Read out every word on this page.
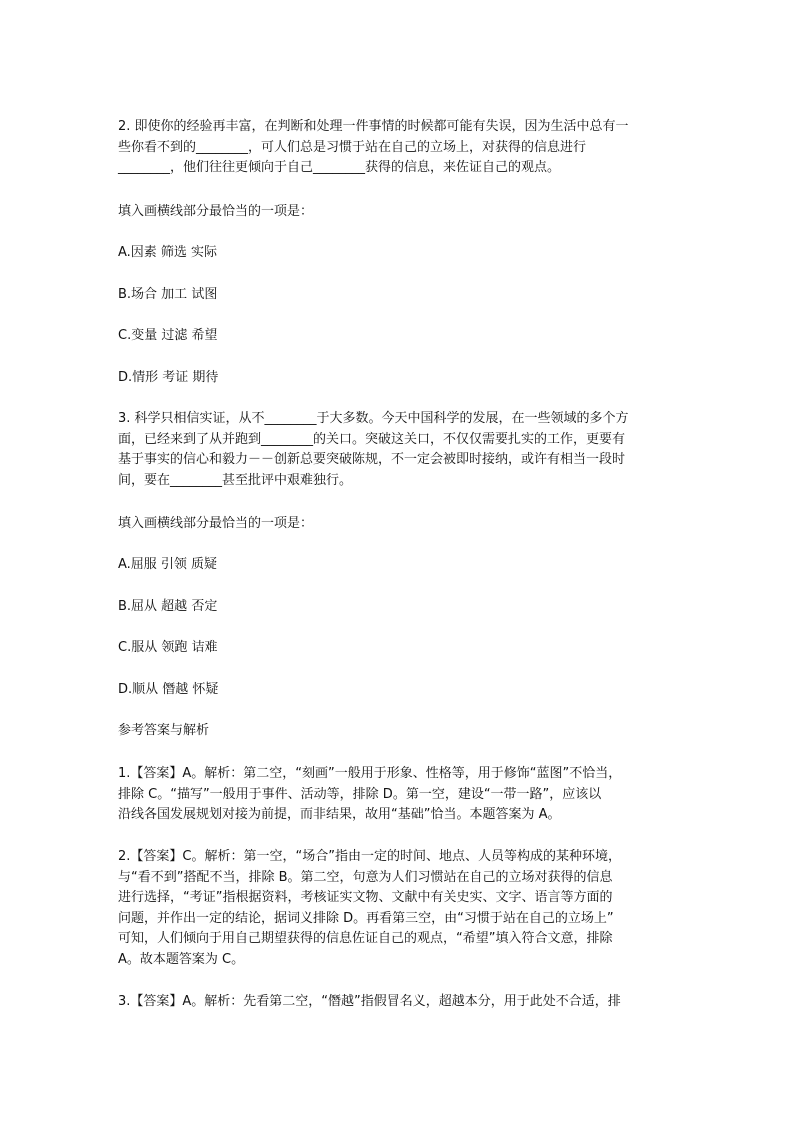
2. 即使你的经验再丰富，在判断和处理一件事情的时候都可能有失误，因为生活中总有一
些你看不到的________，可人们总是习惯于站在自己的立场上，对获得的信息进行
________，他们往往更倾向于自己________获得的信息，来佐证自己的观点。
填入画横线部分最恰当的一项是：
A.因素 筛选 实际
B.场合 加工 试图
C.变量 过滤 希望
D.情形 考证 期待
3. 科学只相信实证，从不________于大多数。今天中国科学的发展，在一些领域的多个方
面，已经来到了从并跑到________的关口。突破这关口，不仅仅需要扎实的工作，更要有
基于事实的信心和毅力－－创新总要突破陈规，不一定会被即时接纳，或许有相当一段时
间，要在________甚至批评中艰难独行。
填入画横线部分最恰当的一项是：
A.屈服 引领 质疑
B.屈从 超越 否定
C.服从 领跑 诘难
D.顺从 僭越 怀疑
参考答案与解析
1.【答案】A。解析：第二空，“刻画”一般用于形象、性格等，用于修饰“蓝图”不恰当，
排除 C。“描写”一般用于事件、活动等，排除 D。第一空，建设“一带一路”，应该以
沿线各国发展规划对接为前提，而非结果，故用“基础”恰当。本题答案为 A。
2.【答案】C。解析：第一空，“场合”指由一定的时间、地点、人员等构成的某种环境，
与“看不到”搭配不当，排除 B。第二空，句意为人们习惯站在自己的立场对获得的信息
进行选择，“考证”指根据资料，考核证实文物、文献中有关史实、文字、语言等方面的
问题，并作出一定的结论，据词义排除 D。再看第三空，由“习惯于站在自己的立场上”
可知，人们倾向于用自己期望获得的信息佐证自己的观点，“希望”填入符合文意，排除
A。故本题答案为 C。
3.【答案】A。解析：先看第二空，“僭越”指假冒名义，超越本分，用于此处不合适，排
